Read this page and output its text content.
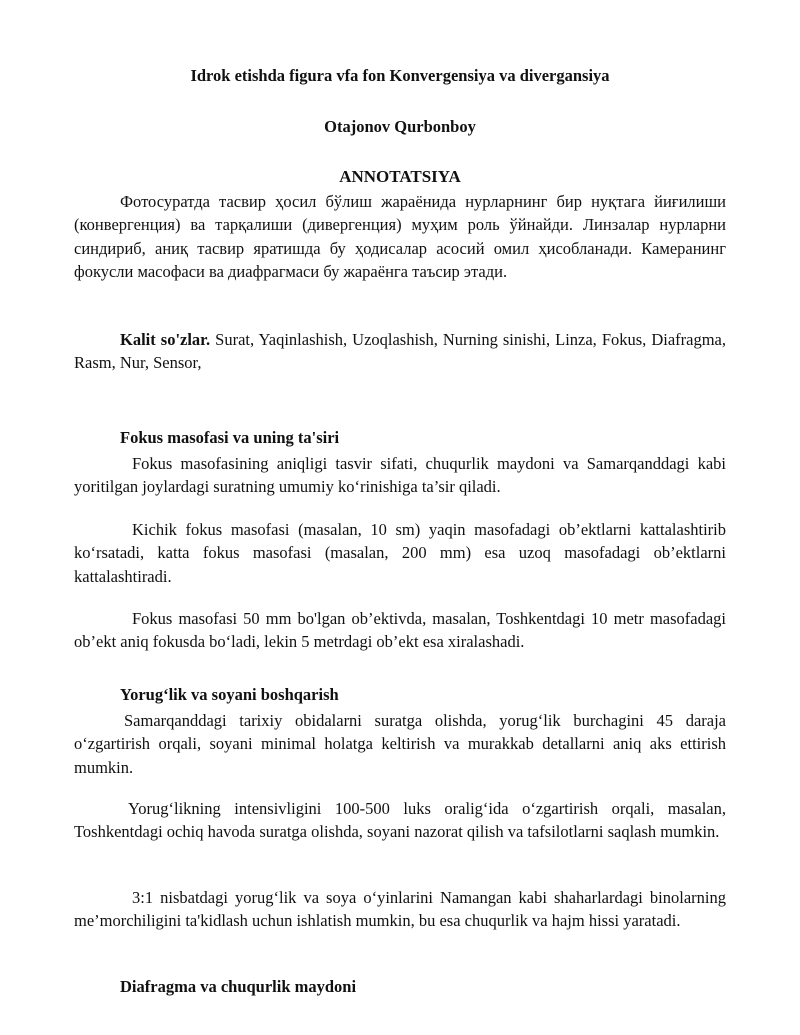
Idrok etishda figura vfa fon Konvergensiya va divergansiya
Otajonov Qurbonboy
ANNOTATSIYA

Фотосуратда тасвир ҳосил бўлиш жараёнида нурларнинг бир нуқтага йиғилиши (конвергенция) ва тарқалиши (дивергенция) муҳим роль ўйнайди. Линзалар нурларни синдириб, аниқ тасвир яратишда бу ҳодисалар асосий омил ҳисобланади. Камеранинг фокусли масофаси ва диафрагмаси бу жараёнга таъсир этади.

Kalit so'zlar. Surat, Yaqinlashish, Uzoqlashish, Nurning sinishi, Linza, Fokus, Diafragma, Rasm, Nur, Sensor,

Fokus masofasi va uning ta'siri

Fokus masofasining aniqligi tasvir sifati, chuqurlik maydoni va Samarqanddagi kabi yoritilgan joylardagi suratning umumiy ko‘rinishiga ta’sir qiladi.

Kichik fokus masofasi (masalan, 10 sm) yaqin masofadagi ob’ektlarni kattalashtirib ko‘rsatadi, katta fokus masofasi (masalan, 200 mm) esa uzoq masofadagi ob’ektlarni kattalashtiradi.

Fokus masofasi 50 mm bo'lgan ob’ektivda, masalan, Toshkentdagi 10 metr masofadagi ob’ekt aniq fokusda bo‘ladi, lekin 5 metrdagi ob’ekt esa xiralashadi.

Yorug‘lik va soyani boshqarish

Samarqanddagi tarixiy obidalarni suratga olishda, yorug‘lik burchagini 45 daraja o‘zgartirish orqali, soyani minimal holatga keltirish va murakkab detallarni aniq aks ettirish mumkin.

Yorug‘likning intensivligini 100-500 luks oralig‘ida o‘zgartirish orqali, masalan, Toshkentdagi ochiq havoda suratga olishda, soyani nazorat qilish va tafsilotlarni saqlash mumkin.

3:1 nisbatdagi yorug‘lik va soya o‘yinlarini Namangan kabi shaharlardagi binolarning me’morchiligini ta'kidlash uchun ishlatish mumkin, bu esa chuqurlik va hajm hissi yaratadi.

Diafragma va chuqurlik maydoni
